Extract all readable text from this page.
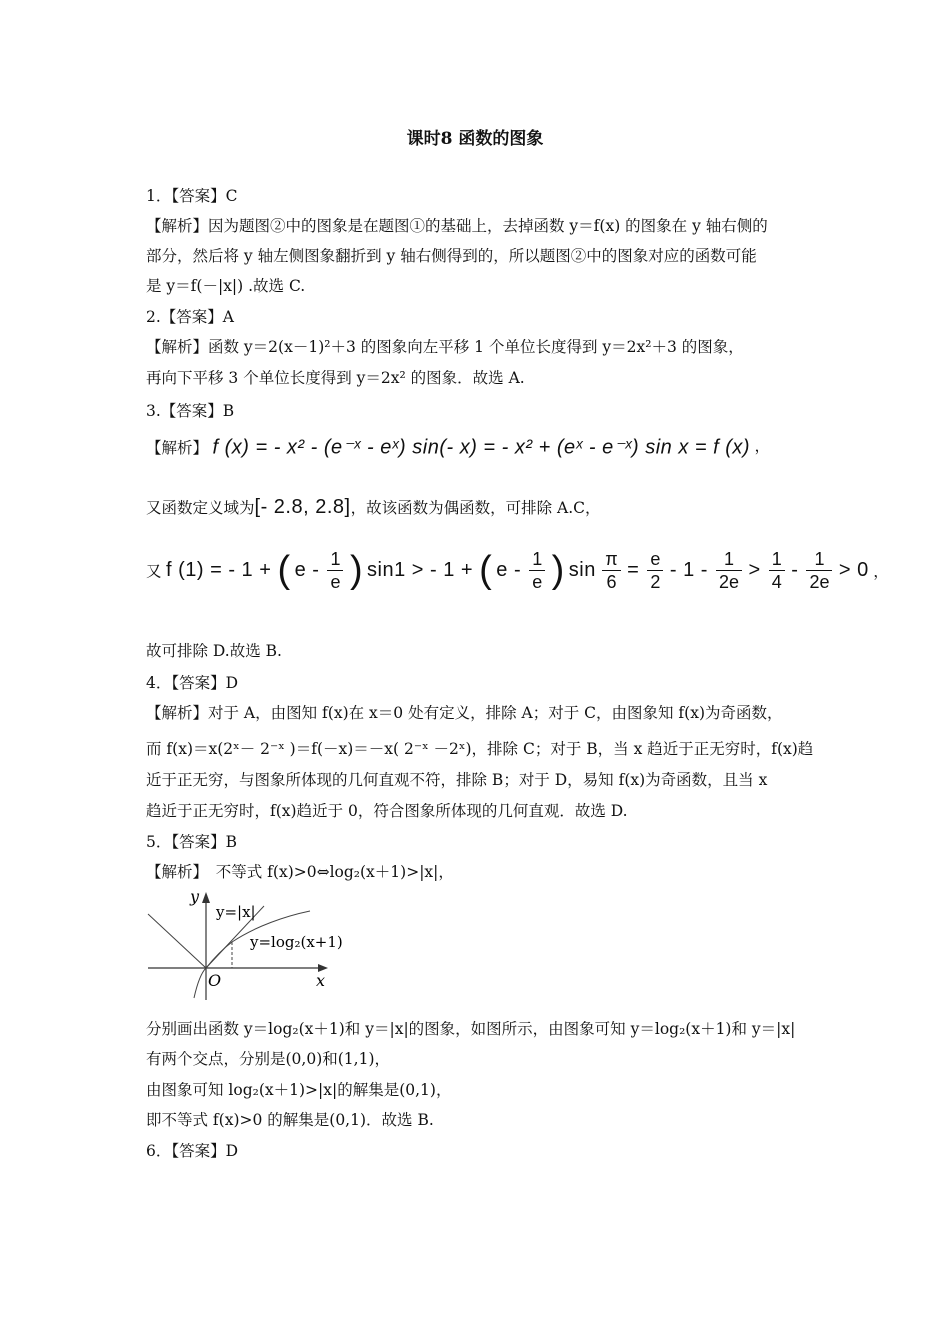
课时8 函数的图象
1．【答案】C
【解析】因为题图②中的图象是在题图①的基础上，去掉函数 y＝f(x) 的图象在 y 轴右侧的
部分，然后将 y 轴左侧图象翻折到 y 轴右侧得到的，所以题图②中的图象对应的函数可能
是 y＝f(－|x|) .故选 C.
2.【答案】A
【解析】函数 y＝2(x－1)²＋3 的图象向左平移 1 个单位长度得到 y＝2x²＋3 的图象，
再向下平移 3 个单位长度得到 y＝2x² 的图象．故选 A.
3.【答案】B
【解析】 f (x) = - x² - (e⁻ˣ - eˣ) sin(- x) = - x² + (eˣ - e⁻ˣ) sin x = f (x) ，
又函数定义域为[- 2.8, 2.8]，故该函数为偶函数，可排除 A.C，
又 f (1) = - 1 + ( e - $\frac{1}{e}$ ) sin1 > - 1 + ( e - $\frac{1}{e}$ ) $\sin \frac{\pi}{6} = \frac{e}{2} - 1 - \frac{1}{2e} > \frac{1}{4} - \frac{1}{2e} > 0$ ，
故可排除 D.故选 B.
4．【答案】D
【解析】对于 A，由图知 f(x)在 x＝0 处有定义，排除 A；对于 C，由图象知 f(x)为奇函数，
而 f(x)＝x(2ˣ－ 2⁻ˣ )＝f(－x)＝－x( 2⁻ˣ －2ˣ)，排除 C；对于 B，当 x 趋近于正无穷时，f(x)趋
近于正无穷，与图象所体现的几何直观不符，排除 B；对于 D，易知 f(x)为奇函数，且当 x
趋近于正无穷时，f(x)趋近于 0，符合图象所体现的几何直观．故选 D.
5．【答案】B
【解析】　不等式 f(x)>0⇔log₂(x＋1)>|x|，
y
x
O
y=|x|
y=log₂(x+1)
分别画出函数 y＝log₂(x＋1)和 y＝|x|的图象，如图所示，由图象可知 y＝log₂(x＋1)和 y＝|x|
有两个交点，分别是(0,0)和(1,1)，
由图象可知 log₂(x＋1)>|x|的解集是(0,1)，
即不等式 f(x)>0 的解集是(0,1)．故选 B.
6．【答案】D
